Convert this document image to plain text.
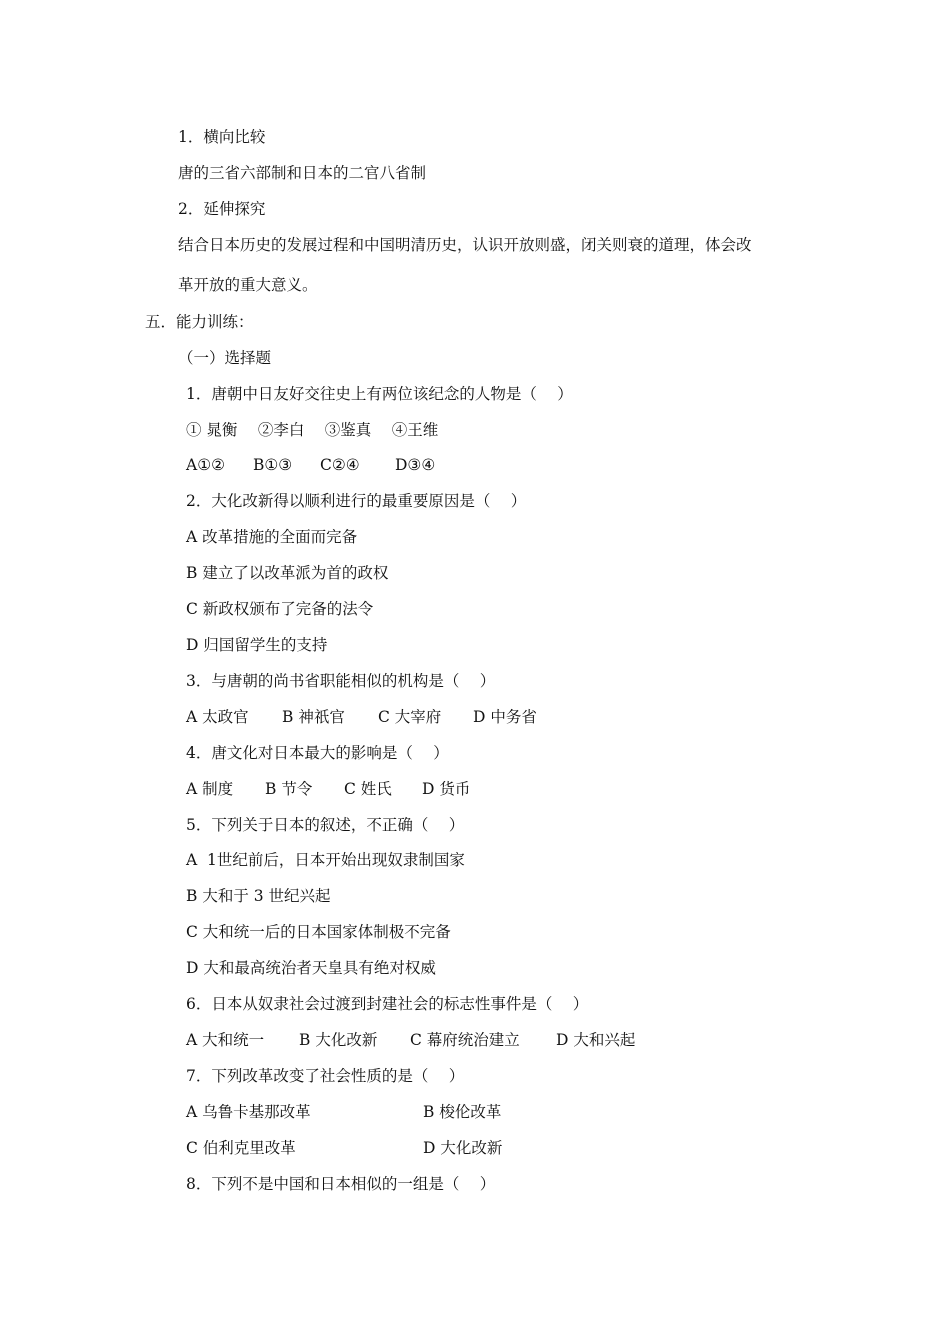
1．横向比较
唐的三省六部制和日本的二官八省制
2．延伸探究
结合日本历史的发展过程和中国明清历史，认识开放则盛，闭关则衰的道理，体会改
革开放的重大意义。
五．能力训练：
（一）选择题
1．唐朝中日友好交往史上有两位该纪念的人物是（　 ）
① 晁衡　 ②李白　 ③鉴真　 ④王维

A①②

B①③

C②④

D③④

2．大化改新得以顺利进行的最重要原因是（　 ）
A 改革措施的全面而完备
B 建立了以改革派为首的政权
C 新政权颁布了完备的法令
D 归国留学生的支持
3．与唐朝的尚书省职能相似的机构是（　 ）

A 太政官

B 神祇官

C 大宰府

D 中务省

4．唐文化对日本最大的影响是（　 ）

A 制度

B 节令

C 姓氏

D 货币

5．下列关于日本的叙述，不正确（　 ）
A  1世纪前后，日本开始出现奴隶制国家
B 大和于 3 世纪兴起
C 大和统一后的日本国家体制极不完备
D 大和最高统治者天皇具有绝对权威
6．日本从奴隶社会过渡到封建社会的标志性事件是（　 ）

A 大和统一

B 大化改新

C 幕府统治建立

D 大和兴起

7．下列改革改变了社会性质的是（　 ）

A 乌鲁卡基那改革

	B 梭伦改革

C 伯利克里改革

	D 大化改新

8．下列不是中国和日本相似的一组是（　 ）
